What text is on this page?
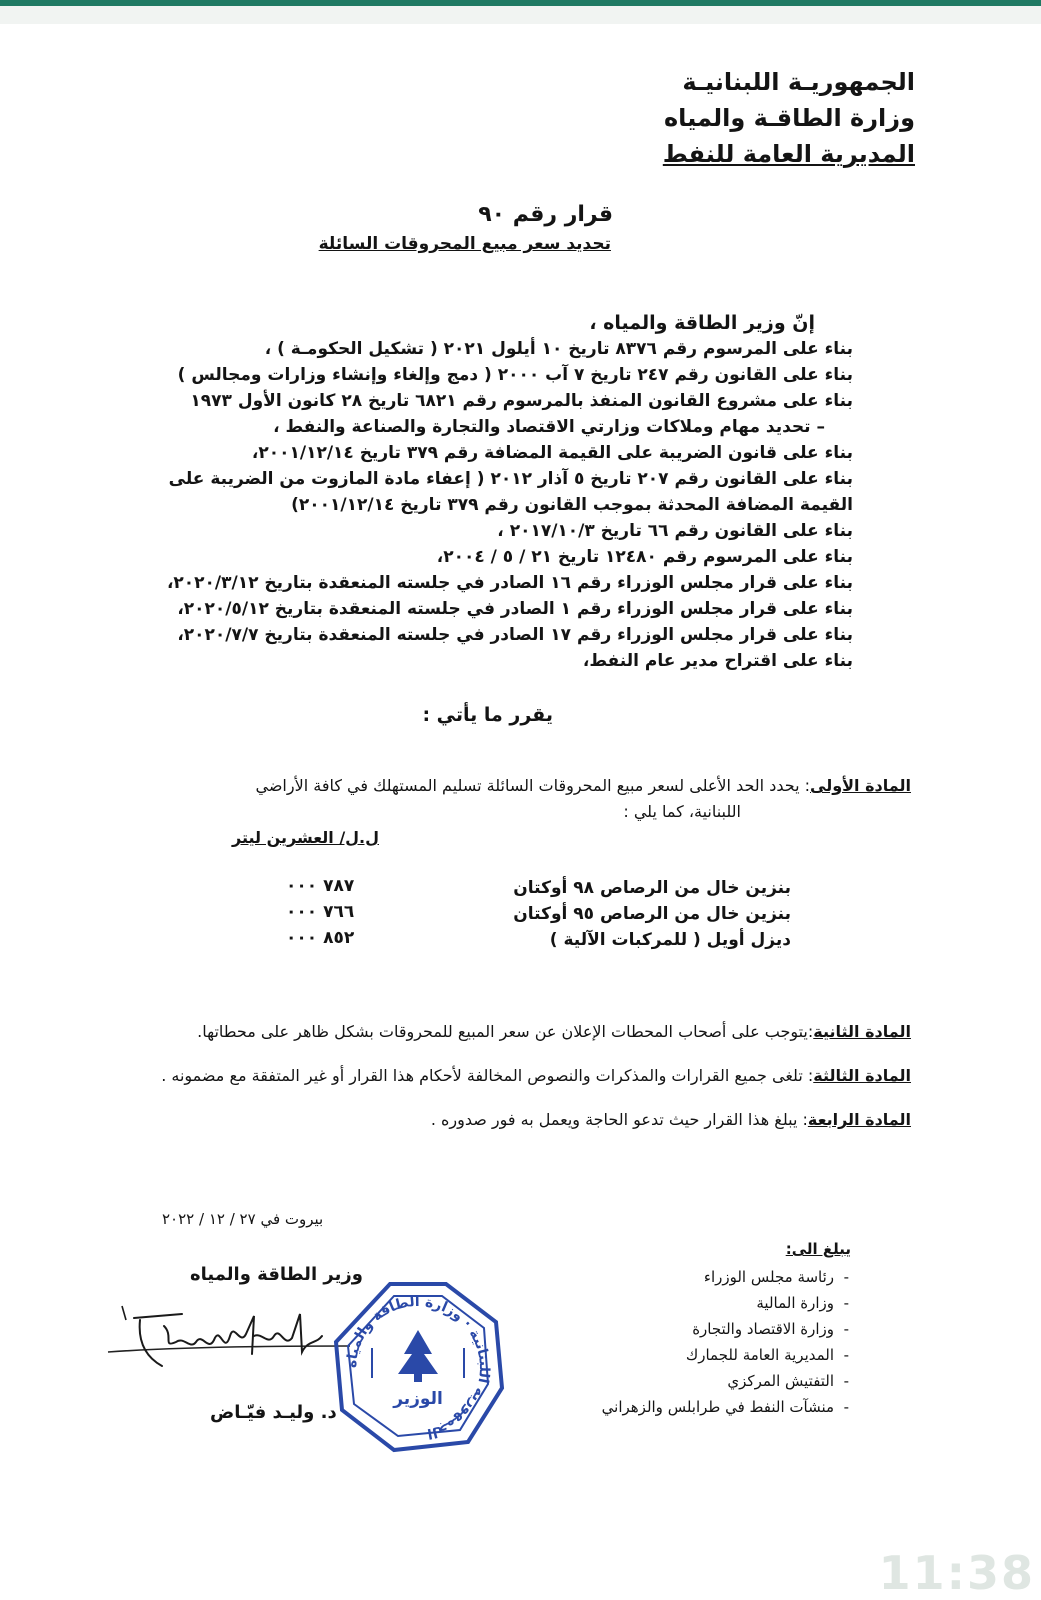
الجمهوريـة اللبنانيـة
وزارة الطاقـة والمياه
المديرية العامة للنفط
قرار رقم ٩٠
تحديد سعر مبيع المحروقات السائلة
إنّ وزير الطاقة والمياه ،
بناء على المرسوم رقم ٨٣٧٦ تاريخ ١٠ أيلول ٢٠٢١ ( تشكيل الحكومـة ) ،
بناء على القانون رقم ٢٤٧ تاريخ ٧ آب ٢٠٠٠ ( دمج وإلغاء وإنشاء وزارات ومجالس )
بناء على مشروع القانون المنفذ بالمرسوم رقم ٦٨٢١ تاريخ ٢٨ كانون الأول ١٩٧٣
– تحديد مهام وملاكات وزارتي الاقتصاد والتجارة والصناعة والنفط ،
بناء على قانون الضريبة على القيمة المضافة رقم ٣٧٩ تاريخ ٢٠٠١/١٢/١٤،
بناء على القانون رقم ٢٠٧ تاريخ ٥ آذار ٢٠١٢ ( إعفاء مادة المازوت من الضريبة على
القيمة المضافة المحدثة بموجب القانون رقم ٣٧٩ تاريخ ٢٠٠١/١٢/١٤)
بناء على القانون رقم ٦٦ تاريخ ٢٠١٧/١٠/٣ ،
بناء على المرسوم رقم ١٢٤٨٠ تاريخ ٢١ / ٥ / ٢٠٠٤،
بناء على قرار مجلس الوزراء رقم ١٦ الصادر في جلسته المنعقدة بتاريخ ٢٠٢٠/٣/١٢،
بناء على قرار مجلس الوزراء رقم ١ الصادر في جلسته المنعقدة بتاريخ ٢٠٢٠/٥/١٢،
بناء على قرار مجلس الوزراء رقم ١٧ الصادر في جلسته المنعقدة بتاريخ ٢٠٢٠/٧/٧،
بناء على اقتراح مدير عام النفط،
يقرر ما يأتي :
المادة الأولى: يحدد الحد الأعلى لسعر مبيع المحروقات السائلة تسليم المستهلك في كافة الأراضي
اللبنانية، كما يلي :
ل.ل/ العشرين ليتر
بنزين خال من الرصاص ٩٨ أوكتان
٧٨٧ ٠٠٠
بنزين خال من الرصاص ٩٥ أوكتان
٧٦٦ ٠٠٠
ديزل أويل ( للمركبات الآلية )
٨٥٢ ٠٠٠
المادة الثانية:يتوجب على أصحاب المحطات الإعلان عن سعر المبيع للمحروقات بشكل ظاهر على محطاتها.
المادة الثالثة: تلغى جميع القرارات والمذكرات والنصوص المخالفة لأحكام هذا القرار أو غير المتفقة مع مضمونه .
المادة الرابعة: يبلغ هذا القرار حيث تدعو الحاجة ويعمل به فور صدوره .
بيروت في ٢٧ / ١٢ / ٢٠٢٢
وزير الطاقة والمياه
الجمهورية اللبنانية · وزارة الطاقة والمياه
الوزير
د. وليـد فيّـاض
يبلغ الى:
-  رئاسة مجلس الوزراء
-  وزارة المالية
-  وزارة الاقتصاد والتجارة
-  المديرية العامة للجمارك
-  التفتيش المركزي
-  منشآت النفط في طرابلس والزهراني
11:38
